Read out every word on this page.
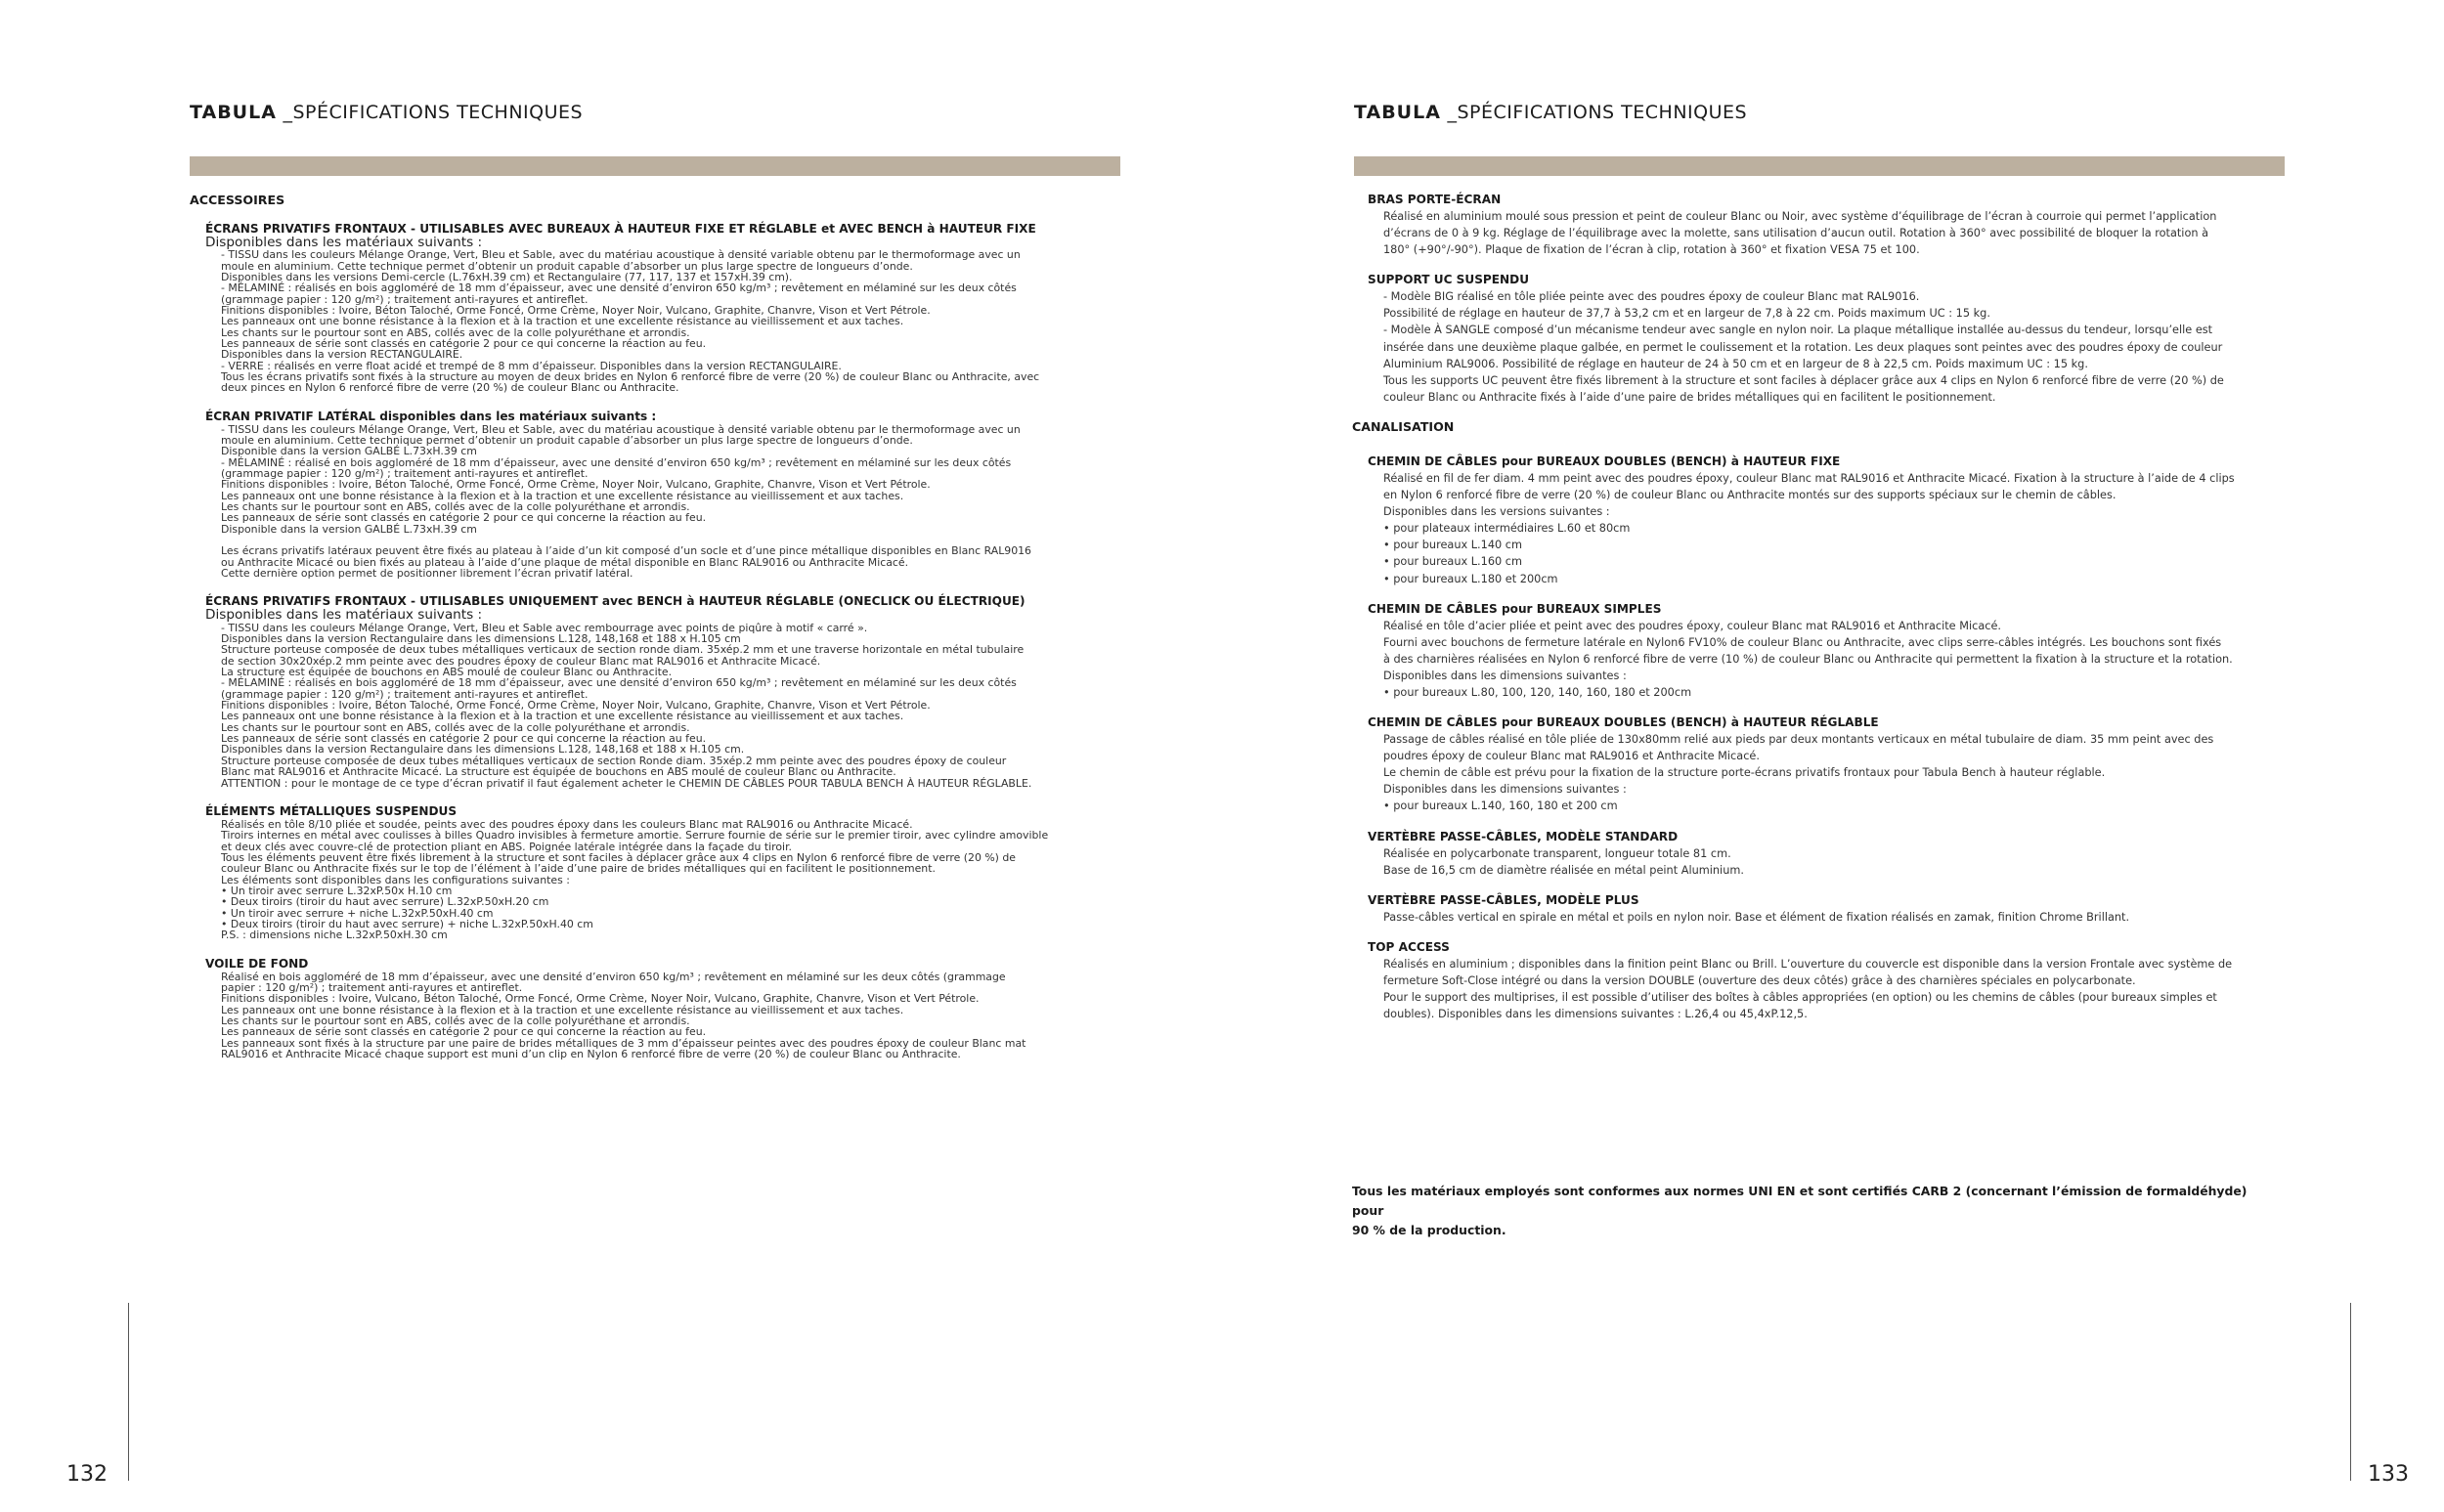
TABULA _SPÉCIFICATIONS TECHNIQUES
ACCESSOIRES
ÉCRANS PRIVATIFS FRONTAUX - UTILISABLES AVEC BUREAUX À HAUTEUR FIXE ET RÉGLABLE et AVEC BENCH à HAUTEUR FIXE
Disponibles dans les matériaux suivants :
- TISSU dans les couleurs Mélange Orange, Vert, Bleu et Sable, avec du matériau acoustique à densité variable obtenu par le thermoformage avec un
moule en aluminium. Cette technique permet d’obtenir un produit capable d’absorber un plus large spectre de longueurs d’onde.
Disponibles dans les versions Demi-cercle (L.76xH.39 cm) et Rectangulaire (77, 117, 137 et 157xH.39 cm).
- MÉLAMINÉ : réalisés en bois aggloméré de 18 mm d’épaisseur, avec une densité d’environ 650 kg/m³ ; revêtement en mélaminé sur les deux côtés
(grammage papier : 120 g/m²) ; traitement anti-rayures et antireflet.
Finitions disponibles : Ivoire, Béton Taloché, Orme Foncé, Orme Crème, Noyer Noir, Vulcano, Graphite, Chanvre, Vison et Vert Pétrole.
Les panneaux ont une bonne résistance à la flexion et à la traction et une excellente résistance au vieillissement et aux taches.
Les chants sur le pourtour sont en ABS, collés avec de la colle polyuréthane et arrondis.
Les panneaux de série sont classés en catégorie 2 pour ce qui concerne la réaction au feu.
Disponibles dans la version RECTANGULAIRE.
- VERRE : réalisés en verre float acidé et trempé de 8 mm d’épaisseur. Disponibles dans la version RECTANGULAIRE.
Tous les écrans privatifs sont fixés à la structure au moyen de deux brides en Nylon 6 renforcé fibre de verre (20 %) de couleur Blanc ou Anthracite, avec
deux pinces en Nylon 6 renforcé fibre de verre (20 %) de couleur Blanc ou Anthracite.
ÉCRAN PRIVATIF LATÉRAL disponibles dans les matériaux suivants :
- TISSU dans les couleurs Mélange Orange, Vert, Bleu et Sable, avec du matériau acoustique à densité variable obtenu par le thermoformage avec un
moule en aluminium. Cette technique permet d’obtenir un produit capable d’absorber un plus large spectre de longueurs d’onde.
Disponible dans la version GALBÉ L.73xH.39 cm
- MÉLAMINÉ : réalisé en bois aggloméré de 18 mm d’épaisseur, avec une densité d’environ 650 kg/m³ ; revêtement en mélaminé sur les deux côtés
(grammage papier : 120 g/m²) ; traitement anti-rayures et antireflet.
Finitions disponibles : Ivoire, Béton Taloché, Orme Foncé, Orme Crème, Noyer Noir, Vulcano, Graphite, Chanvre, Vison et Vert Pétrole.
Les panneaux ont une bonne résistance à la flexion et à la traction et une excellente résistance au vieillissement et aux taches.
Les chants sur le pourtour sont en ABS, collés avec de la colle polyuréthane et arrondis.
Les panneaux de série sont classés en catégorie 2 pour ce qui concerne la réaction au feu.
Disponible dans la version GALBÉ L.73xH.39 cm

Les écrans privatifs latéraux peuvent être fixés au plateau à l’aide d’un kit composé d’un socle et d’une pince métallique disponibles en Blanc RAL9016
ou Anthracite Micacé ou bien fixés au plateau à l’aide d’une plaque de métal disponible en Blanc RAL9016 ou Anthracite Micacé.
Cette dernière option permet de positionner librement l’écran privatif latéral.
ÉCRANS PRIVATIFS FRONTAUX - UTILISABLES UNIQUEMENT avec BENCH à HAUTEUR RÉGLABLE (ONECLICK OU ÉLECTRIQUE)
Disponibles dans les matériaux suivants :
- TISSU dans les couleurs Mélange Orange, Vert, Bleu et Sable avec rembourrage avec points de piqûre à motif « carré ».
Disponibles dans la version Rectangulaire dans les dimensions L.128, 148,168 et 188 x H.105 cm
Structure porteuse composée de deux tubes métalliques verticaux de section ronde diam. 35xép.2 mm et une traverse horizontale en métal tubulaire
de section 30x20xép.2 mm peinte avec des poudres époxy de couleur Blanc mat RAL9016 et Anthracite Micacé.
La structure est équipée de bouchons en ABS moulé de couleur Blanc ou Anthracite.
- MÉLAMINÉ : réalisés en bois aggloméré de 18 mm d’épaisseur, avec une densité d’environ 650 kg/m³ ; revêtement en mélaminé sur les deux côtés
(grammage papier : 120 g/m²) ; traitement anti-rayures et antireflet.
Finitions disponibles : Ivoire, Béton Taloché, Orme Foncé, Orme Crème, Noyer Noir, Vulcano, Graphite, Chanvre, Vison et Vert Pétrole.
Les panneaux ont une bonne résistance à la flexion et à la traction et une excellente résistance au vieillissement et aux taches.
Les chants sur le pourtour sont en ABS, collés avec de la colle polyuréthane et arrondis.
Les panneaux de série sont classés en catégorie 2 pour ce qui concerne la réaction au feu.
Disponibles dans la version Rectangulaire dans les dimensions L.128, 148,168 et 188 x H.105 cm.
Structure porteuse composée de deux tubes métalliques verticaux de section Ronde diam. 35xép.2 mm peinte avec des poudres époxy de couleur
Blanc mat RAL9016 et Anthracite Micacé. La structure est équipée de bouchons en ABS moulé de couleur Blanc ou Anthracite.
ATTENTION : pour le montage de ce type d’écran privatif il faut également acheter le CHEMIN DE CÂBLES POUR TABULA BENCH À HAUTEUR RÉGLABLE.
ÉLÉMENTS MÉTALLIQUES SUSPENDUS
Réalisés en tôle 8/10 pliée et soudée, peints avec des poudres époxy dans les couleurs Blanc mat RAL9016 ou Anthracite Micacé.
Tiroirs internes en métal avec coulisses à billes Quadro invisibles à fermeture amortie. Serrure fournie de série sur le premier tiroir, avec cylindre amovible
et deux clés avec couvre-clé de protection pliant en ABS. Poignée latérale intégrée dans la façade du tiroir.
Tous les éléments peuvent être fixés librement à la structure et sont faciles à déplacer grâce aux 4 clips en Nylon 6 renforcé fibre de verre (20 %) de
couleur Blanc ou Anthracite fixés sur le top de l’élément à l’aide d’une paire de brides métalliques qui en facilitent le positionnement.
Les éléments sont disponibles dans les configurations suivantes :
• Un tiroir avec serrure L.32xP.50x H.10 cm
• Deux tiroirs (tiroir du haut avec serrure) L.32xP.50xH.20 cm
• Un tiroir avec serrure + niche L.32xP.50xH.40 cm
• Deux tiroirs (tiroir du haut avec serrure) + niche L.32xP.50xH.40 cm
P.S. : dimensions niche L.32xP.50xH.30 cm
VOILE DE FOND
Réalisé en bois aggloméré de 18 mm d’épaisseur, avec une densité d’environ 650 kg/m³ ; revêtement en mélaminé sur les deux côtés (grammage
papier : 120 g/m²) ; traitement anti-rayures et antireflet.
Finitions disponibles : Ivoire, Vulcano, Béton Taloché, Orme Foncé, Orme Crème, Noyer Noir, Vulcano, Graphite, Chanvre, Vison et Vert Pétrole.
Les panneaux ont une bonne résistance à la flexion et à la traction et une excellente résistance au vieillissement et aux taches.
Les chants sur le pourtour sont en ABS, collés avec de la colle polyuréthane et arrondis.
Les panneaux de série sont classés en catégorie 2 pour ce qui concerne la réaction au feu.
Les panneaux sont fixés à la structure par une paire de brides métalliques de 3 mm d’épaisseur peintes avec des poudres époxy de couleur Blanc mat
RAL9016 et Anthracite Micacé chaque support est muni d’un clip en Nylon 6 renforcé fibre de verre (20 %) de couleur Blanc ou Anthracite.
132
TABULA _SPÉCIFICATIONS TECHNIQUES
BRAS PORTE-ÉCRAN
Réalisé en aluminium moulé sous pression et peint de couleur Blanc ou Noir, avec système d’équilibrage de l’écran à courroie qui permet l’application
d’écrans de 0 à 9 kg. Réglage de l’équilibrage avec la molette, sans utilisation d’aucun outil. Rotation à 360° avec possibilité de bloquer la rotation à
180° (+90°/-90°). Plaque de fixation de l’écran à clip, rotation à 360° et fixation VESA 75 et 100.
SUPPORT UC SUSPENDU
- Modèle BIG réalisé en tôle pliée peinte avec des poudres époxy de couleur Blanc mat RAL9016.
Possibilité de réglage en hauteur de 37,7 à 53,2 cm et en largeur de 7,8 à 22 cm. Poids maximum UC : 15 kg.
- Modèle À SANGLE composé d’un mécanisme tendeur avec sangle en nylon noir. La plaque métallique installée au-dessus du tendeur, lorsqu’elle est
insérée dans une deuxième plaque galbée, en permet le coulissement et la rotation. Les deux plaques sont peintes avec des poudres époxy de couleur
Aluminium RAL9006. Possibilité de réglage en hauteur de 24 à 50 cm et en largeur de 8 à 22,5 cm. Poids maximum UC : 15 kg.
Tous les supports UC peuvent être fixés librement à la structure et sont faciles à déplacer grâce aux 4 clips en Nylon 6 renforcé fibre de verre (20 %) de
couleur Blanc ou Anthracite fixés à l’aide d’une paire de brides métalliques qui en facilitent le positionnement.
CANALISATION
CHEMIN DE CÂBLES pour BUREAUX DOUBLES (BENCH) à HAUTEUR FIXE
Réalisé en fil de fer diam. 4 mm peint avec des poudres époxy, couleur Blanc mat RAL9016 et Anthracite Micacé. Fixation à la structure à l’aide de 4 clips
en Nylon 6 renforcé fibre de verre (20 %) de couleur Blanc ou Anthracite montés sur des supports spéciaux sur le chemin de câbles.
Disponibles dans les versions suivantes :
• pour plateaux intermédiaires L.60 et 80cm
• pour bureaux L.140 cm
• pour bureaux L.160 cm
• pour bureaux L.180 et 200cm
CHEMIN DE CÂBLES pour BUREAUX SIMPLES
Réalisé en tôle d’acier pliée et peint avec des poudres époxy, couleur Blanc mat RAL9016 et Anthracite Micacé.
Fourni avec bouchons de fermeture latérale en Nylon6 FV10% de couleur Blanc ou Anthracite, avec clips serre-câbles intégrés. Les bouchons sont fixés
à des charnières réalisées en Nylon 6 renforcé fibre de verre (10 %) de couleur Blanc ou Anthracite qui permettent la fixation à la structure et la rotation.
Disponibles dans les dimensions suivantes :
• pour bureaux L.80, 100, 120, 140, 160, 180 et 200cm
CHEMIN DE CÂBLES pour BUREAUX DOUBLES (BENCH) à HAUTEUR RÉGLABLE
Passage de câbles réalisé en tôle pliée de 130x80mm relié aux pieds par deux montants verticaux en métal tubulaire de diam. 35 mm peint avec des
poudres époxy de couleur Blanc mat RAL9016 et Anthracite Micacé.
Le chemin de câble est prévu pour la fixation de la structure porte-écrans privatifs frontaux pour Tabula Bench à hauteur réglable.
Disponibles dans les dimensions suivantes :
• pour bureaux L.140, 160, 180 et 200 cm
VERTÈBRE PASSE-CÂBLES, MODÈLE STANDARD
Réalisée en polycarbonate transparent, longueur totale 81 cm.
Base de 16,5 cm de diamètre réalisée en métal peint Aluminium.
VERTÈBRE PASSE-CÂBLES, MODÈLE PLUS
Passe-câbles vertical en spirale en métal et poils en nylon noir. Base et élément de fixation réalisés en zamak, finition Chrome Brillant.
TOP ACCESS
Réalisés en aluminium ; disponibles dans la finition peint Blanc ou Brill. L’ouverture du couvercle est disponible dans la version Frontale avec système de
fermeture Soft-Close intégré ou dans la version DOUBLE (ouverture des deux côtés) grâce à des charnières spéciales en polycarbonate.
Pour le support des multiprises, il est possible d’utiliser des boîtes à câbles appropriées (en option) ou les chemins de câbles (pour bureaux simples et
doubles). Disponibles dans les dimensions suivantes : L.26,4 ou 45,4xP.12,5.
Tous les matériaux employés sont conformes aux normes UNI EN et sont certifiés CARB 2 (concernant l’émission de formaldéhyde) pour
90 % de la production.
133
